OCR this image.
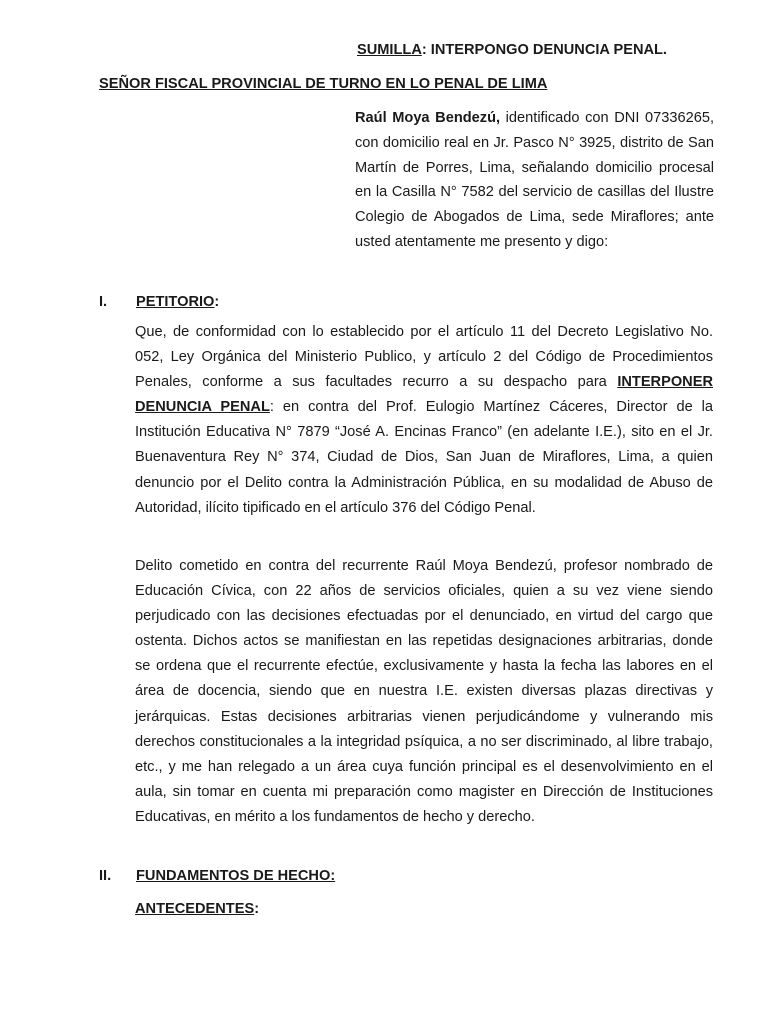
SUMILLA: INTERPONGO DENUNCIA PENAL.
SEÑOR FISCAL PROVINCIAL DE TURNO EN LO PENAL DE LIMA

Raúl Moya Bendezú, identificado con DNI 07336265, con domicilio real en Jr. Pasco N° 3925, distrito de San Martín de Porres, Lima, señalando domicilio procesal en la Casilla N° 7582 del servicio de casillas del Ilustre Colegio de Abogados de Lima, sede Miraflores; ante usted atentamente me presento y digo:

I. PETITORIO:

Que, de conformidad con lo establecido por el artículo 11 del Decreto Legislativo No. 052, Ley Orgánica del Ministerio Publico, y artículo 2 del Código de Procedimientos Penales, conforme a sus facultades recurro a su despacho para INTERPONER DENUNCIA PENAL: en contra del Prof. Eulogio Martínez Cáceres, Director de la Institución Educativa N° 7879 “José A. Encinas Franco” (en adelante I.E.), sito en el Jr. Buenaventura Rey N° 374, Ciudad de Dios, San Juan de Miraflores, Lima, a quien denuncio por el Delito contra la Administración Pública, en su modalidad de Abuso de Autoridad, ilícito tipificado en el artículo 376 del Código Penal.

Delito cometido en contra del recurrente Raúl Moya Bendezú, profesor nombrado de Educación Cívica, con 22 años de servicios oficiales, quien a su vez viene siendo perjudicado con las decisiones efectuadas por el denunciado, en virtud del cargo que ostenta. Dichos actos se manifiestan en las repetidas designaciones arbitrarias, donde se ordena que el recurrente efectúe, exclusivamente y hasta la fecha las labores en el área de docencia, siendo que en nuestra I.E. existen diversas plazas directivas y jerárquicas. Estas decisiones arbitrarias vienen perjudicándome y vulnerando mis derechos constitucionales a la integridad psíquica, a no ser discriminado, al libre trabajo, etc., y me han relegado a un área cuya función principal es el desenvolvimiento en el aula, sin tomar en cuenta mi preparación como magister en Dirección de Instituciones Educativas, en mérito a los fundamentos de hecho y derecho.

II. FUNDAMENTOS DE HECHO:
ANTECEDENTES:
